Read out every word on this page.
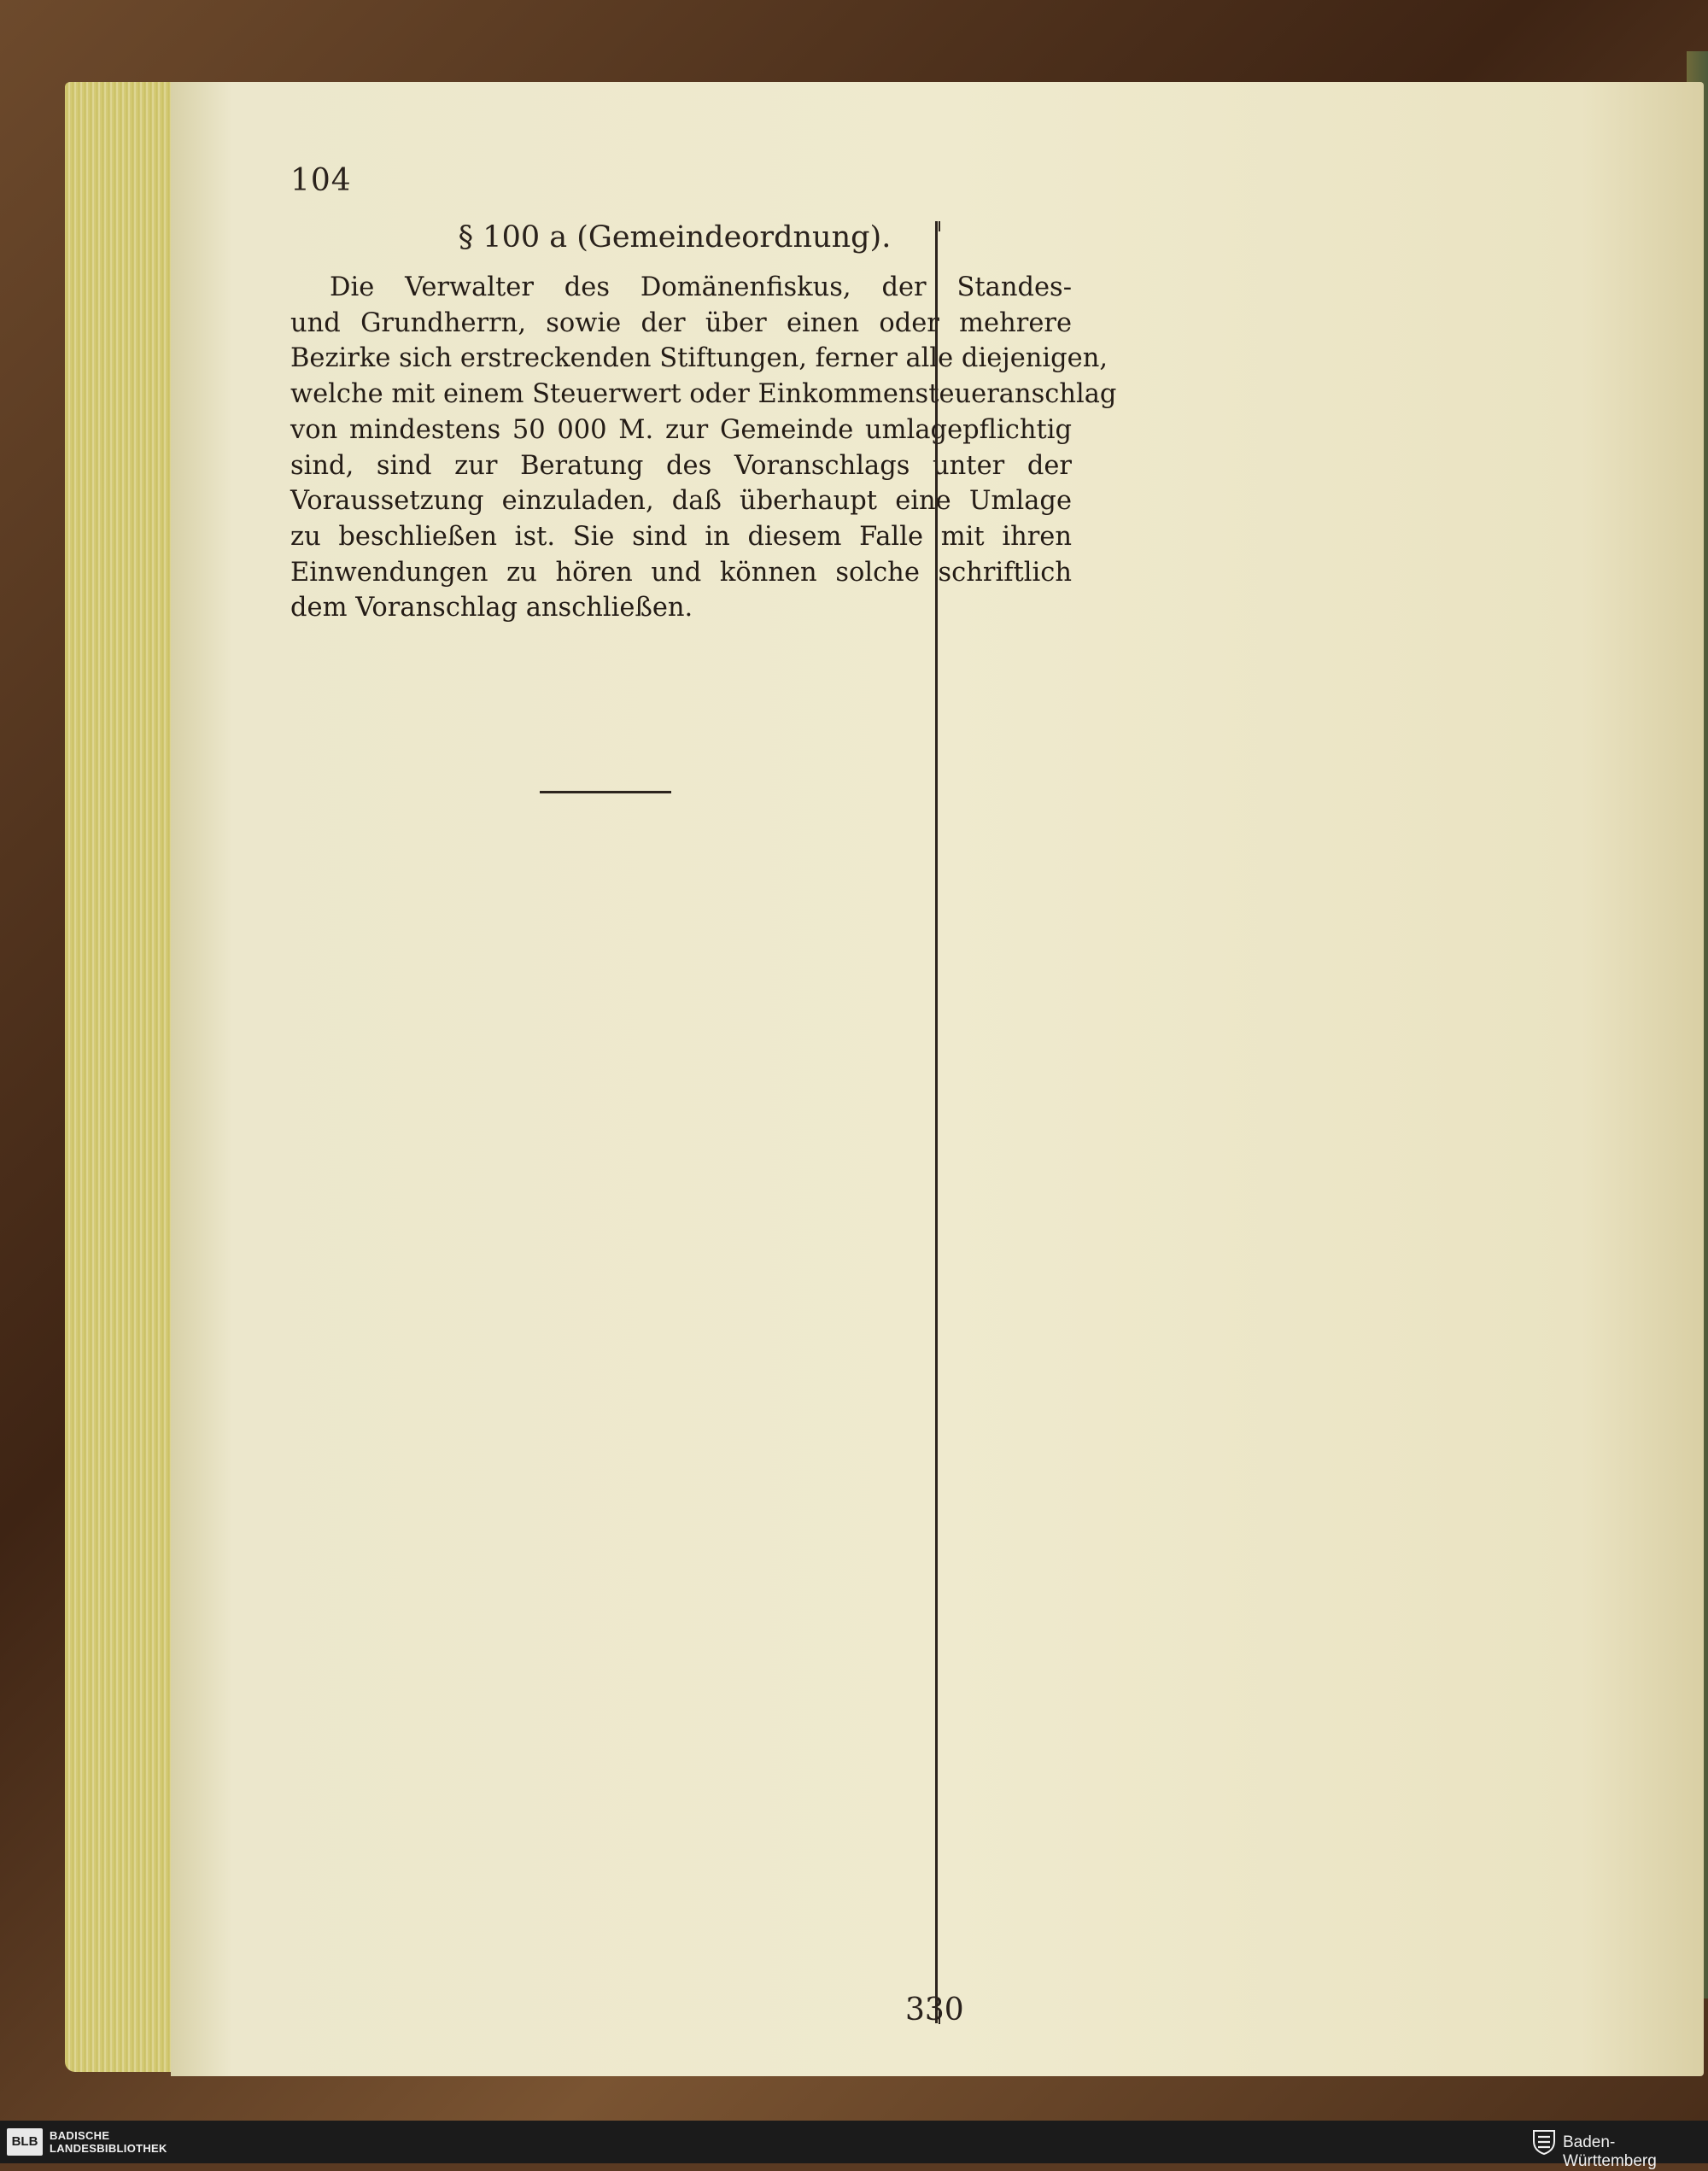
104
§ 100 a (Gemeindeordnung).
Die Verwalter des Domänenfiskus, der Standes-
und Grundherrn, sowie der über einen oder mehrere
Bezirke sich erstreckenden Stiftungen, ferner alle diejenigen,
welche mit einem Steuerwert oder Einkommensteueranschlag
von mindestens 50 000 M. zur Gemeinde umlagepflichtig
sind, sind zur Beratung des Voranschlags unter der
Voraussetzung einzuladen, daß überhaupt eine Umlage
zu beschließen ist. Sie sind in diesem Falle mit ihren
Einwendungen zu hören und können solche schriftlich
dem Voranschlag anschließen.
330
BLB	BADISCHE
LANDESBIBLIOTHEK	Baden-Württemberg
